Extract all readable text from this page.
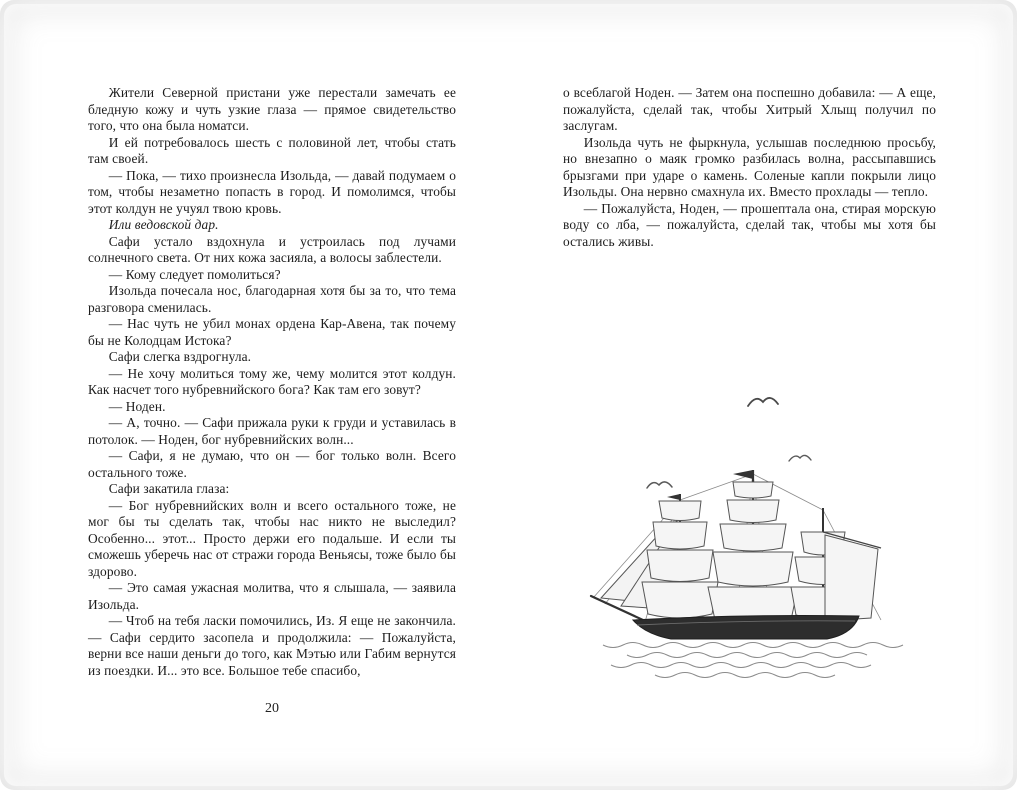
Жители Северной пристани уже перестали замечать ее бледную кожу и чуть узкие глаза — прямое свидетельство того, что она была номатси.

И ей потребовалось шесть с половиной лет, чтобы стать там своей.

— Пока, — тихо произнесла Изольда, — давай подумаем о том, чтобы незаметно попасть в город. И помолимся, чтобы этот колдун не учуял твою кровь.

Или ведовской дар.

Сафи устало вздохнула и устроилась под лучами солнечного света. От них кожа засияла, а волосы заблестели.

— Кому следует помолиться?

Изольда почесала нос, благодарная хотя бы за то, что тема разговора сменилась.

— Нас чуть не убил монах ордена Кар-Авена, так почему бы не Колодцам Истока?

Сафи слегка вздрогнула.

— Не хочу молиться тому же, чему молится этот колдун. Как насчет того нубревнийского бога? Как там его зовут?

— Ноден.

— А, точно. — Сафи прижала руки к груди и уставилась в потолок. — Ноден, бог нубревнийских волн...

— Сафи, я не думаю, что он — бог только волн. Всего остального тоже.

Сафи закатила глаза:

— Бог нубревнийских волн и всего остального тоже, не мог бы ты сделать так, чтобы нас никто не выследил? Особенно... этот... Просто держи его подальше. И если ты сможешь уберечь нас от стражи города Веньясы, тоже было бы здорово.

— Это самая ужасная молитва, что я слышала, — заявила Изольда.

— Чтоб на тебя ласки помочились, Из. Я еще не закончила. — Сафи сердито засопела и продолжила: — Пожалуйста, верни все наши деньги до того, как Мэтью или Габим вернутся из поездки. И... это все. Большое тебе спасибо,

20

о всеблагой Ноден. — Затем она поспешно добавила: — А еще, пожалуйста, сделай так, чтобы Хитрый Хлыщ получил по заслугам.

Изольда чуть не фыркнула, услышав последнюю просьбу, но внезапно о маяк громко разбилась волна, рассыпавшись брызгами при ударе о камень. Соленые капли покрыли лицо Изольды. Она нервно смахнула их. Вместо прохлады — тепло.

— Пожалуйста, Ноден, — прошептала она, стирая морскую воду со лба, — пожалуйста, сделай так, чтобы мы хотя бы остались живы.
